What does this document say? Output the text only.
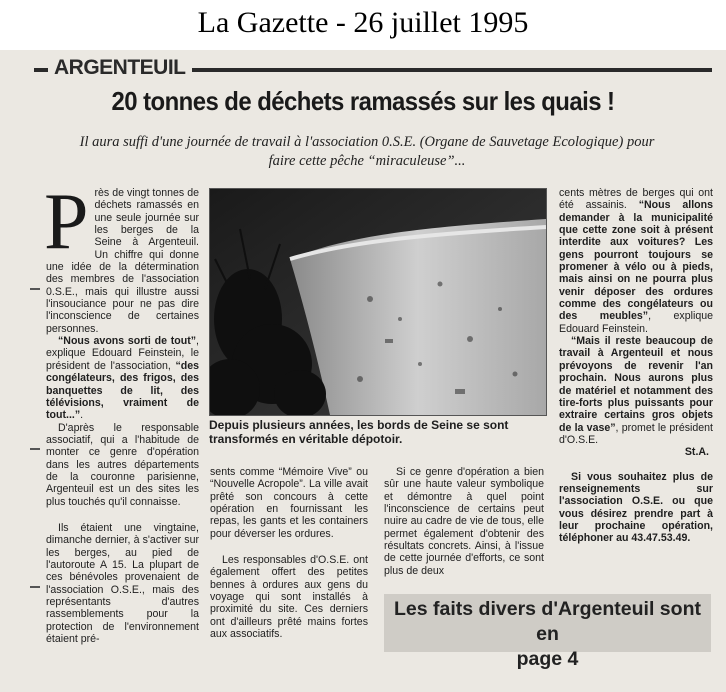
La Gazette - 26 juillet 1995
ARGENTEUIL
20 tonnes de déchets ramassés sur les quais !
Il aura suffi d'une journée de travail à l'association 0.S.E. (Organe de Sauvetage Ecologique) pour
faire cette pêche “miraculeuse”...

Près de vingt tonnes de déchets ramassés en une seule journée sur les berges de la Seine à Argenteuil. Un chiffre qui donne une idée de la détermination des membres de l'association 0.S.E., mais qui illustre aussi l'insouciance pour ne pas dire l'inconscience de certaines personnes.

“Nous avons sorti de tout”, explique Edouard Feinstein, le président de l'association, “des congélateurs, des frigos, des banquettes de lit, des télévisions, vraiment de tout...”.

D'après le responsable associatif, qui a l'habitude de monter ce genre d'opération dans les autres départements de la couronne parisienne, Argenteuil est un des sites les plus touchés qu'il connaisse.

Ils étaient une vingtaine, dimanche dernier, à s'activer sur les berges, au pied de l'autoroute A 15. La plupart de ces bénévoles provenaient de l'association O.S.E., mais des représentants d'autres rassemblements pour la protection de l'environnement étaient pré-

Depuis plusieurs années, les bords de Seine se sont transformés en véritable dépotoir.

sents comme “Mémoire Vive” ou “Nouvelle Acropole”. La ville avait prêté son concours à cette opération en fournissant les repas, les gants et les containers pour déverser les ordures.

Les responsables d'O.S.E. ont également offert des petites bennes à ordures aux gens du voyage qui sont installés à proximité du site. Ces derniers ont d'ailleurs prêté mains fortes aux associatifs.

Si ce genre d'opération a bien sûr une haute valeur symbolique et démontre à quel point l'inconscience de certains peut nuire au cadre de vie de tous, elle permet également d'obtenir des résultats concrets. Ainsi, à l'issue de cette journée d'efforts, ce sont plus de deux

cents mètres de berges qui ont été assainis. “Nous allons demander à la municipalité que cette zone soit à présent interdite aux voitures? Les gens pourront toujours se promener à vélo ou à pieds, mais ainsi on ne pourra plus venir déposer des ordures comme des congélateurs ou des meubles”, explique Edouard Feinstein.

“Mais il reste beaucoup de travail à Argenteuil et nous prévoyons de revenir l'an prochain. Nous aurons plus de matériel et notamment des tire-forts plus puissants pour extraire certains gros objets de la vase”, promet le président d'O.S.E.

St.A.

Si vous souhaitez plus de renseignements sur l'association O.S.E. ou que vous désirez prendre part à leur prochaine opération, téléphoner au 43.47.53.49.

Les faits divers d'Argenteuil sont en
page 4
